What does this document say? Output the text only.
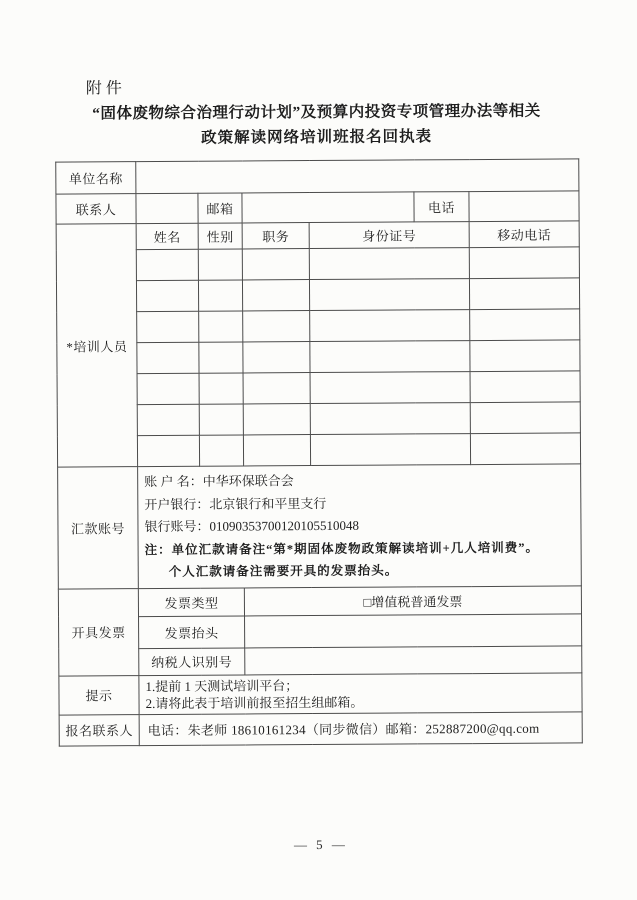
附件
“固体废物综合治理行动计划”及预算内投资专项管理办法等相关
政策解读网络培训班报名回执表
单位名称						
联系人		邮箱			电话	
*培训人员	姓名	性别	职务	身份证号		移动电话

汇款账号	账 户 名：中华环保联合会
开户银行：北京银行和平里支行
银行账号：01090353700120105510048
注：单位汇款请备注“第*期固体废物政策解读培训+几人培训费”。
个人汇款请备注需要开具的发票抬头。					

开具发票	发票类型		□增值税普通发票			
	发票抬头					
	纳税人识别号					
提示	1.提前 1 天测试培训平台；
2.请将此表于培训前报至招生组邮箱。					

报名联系人	电话：朱老师 18610161234（同步微信）邮箱：252887200@qq.com					
— 5 —
